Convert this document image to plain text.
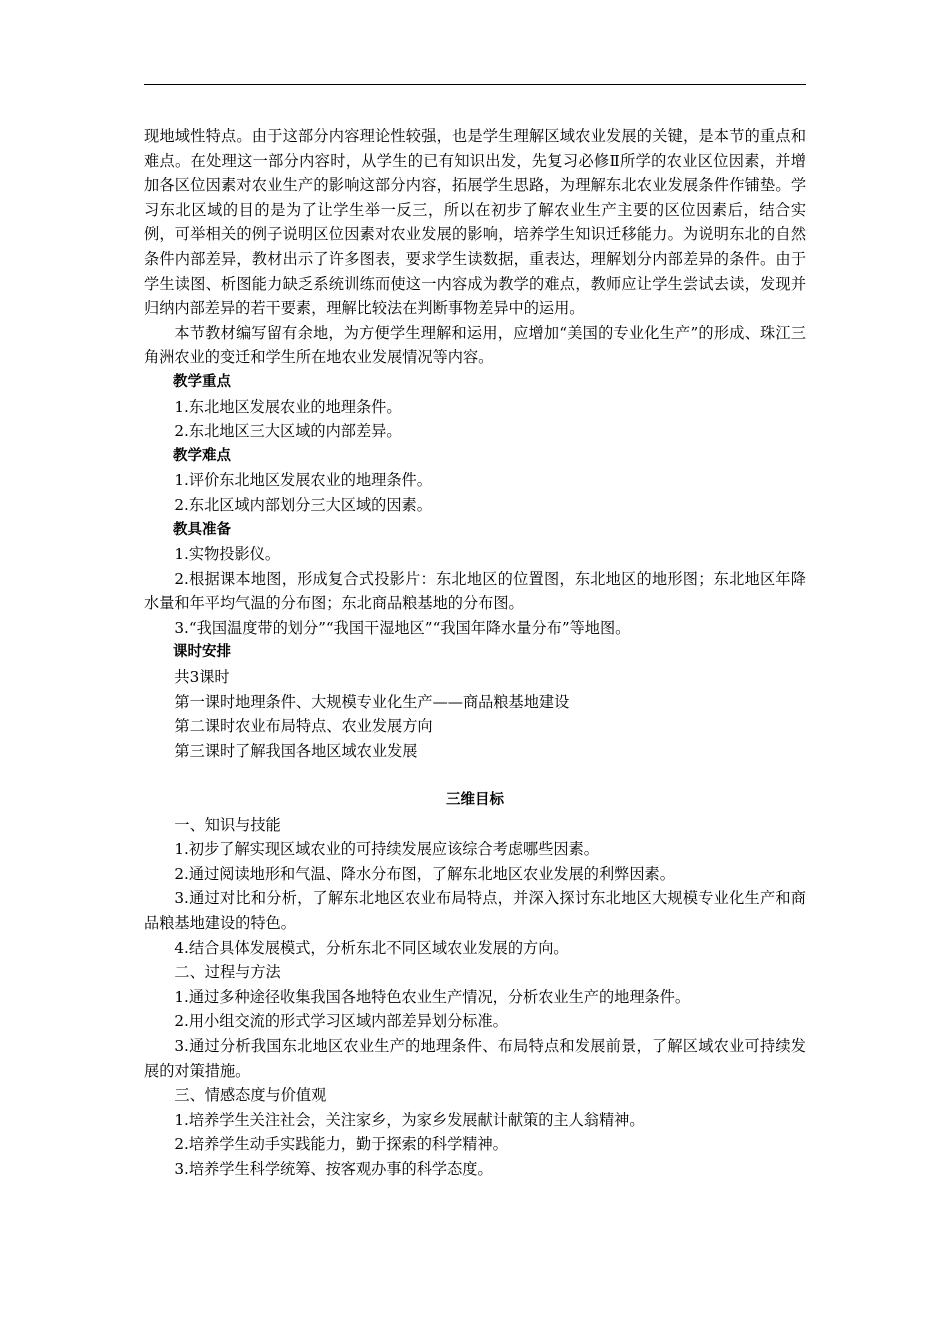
现地域性特点。由于这部分内容理论性较强，也是学生理解区域农业发展的关键，是本节的重点和难点。在处理这一部分内容时，从学生的已有知识出发，先复习必修Ⅱ所学的农业区位因素，并增加各区位因素对农业生产的影响这部分内容，拓展学生思路，为理解东北农业发展条件作铺垫。学习东北区域的目的是为了让学生举一反三，所以在初步了解农业生产主要的区位因素后，结合实例，可举相关的例子说明区位因素对农业发展的影响，培养学生知识迁移能力。为说明东北的自然条件内部差异，教材出示了许多图表，要求学生读数据，重表达，理解划分内部差异的条件。由于学生读图、析图能力缺乏系统训练而使这一内容成为教学的难点，教师应让学生尝试去读，发现并归纳内部差异的若干要素，理解比较法在判断事物差异中的运用。

本节教材编写留有余地，为方便学生理解和运用，应增加“美国的专业化生产”的形成、珠江三角洲农业的变迁和学生所在地农业发展情况等内容。

教学重点

1.东北地区发展农业的地理条件。

2.东北地区三大区域的内部差异。

教学难点

1.评价东北地区发展农业的地理条件。

2.东北区域内部划分三大区域的因素。

教具准备

1.实物投影仪。

2.根据课本地图，形成复合式投影片：东北地区的位置图，东北地区的地形图；东北地区年降水量和年平均气温的分布图；东北商品粮基地的分布图。

3.“我国温度带的划分”“我国干湿地区”“我国年降水量分布”等地图。

课时安排

共3课时

第一课时地理条件、大规模专业化生产——商品粮基地建设

第二课时农业布局特点、农业发展方向

第三课时了解我国各地区域农业发展

三维目标

一、知识与技能

1.初步了解实现区域农业的可持续发展应该综合考虑哪些因素。

2.通过阅读地形和气温、降水分布图，了解东北地区农业发展的利弊因素。

3.通过对比和分析，了解东北地区农业布局特点，并深入探讨东北地区大规模专业化生产和商品粮基地建设的特色。

4.结合具体发展模式，分析东北不同区域农业发展的方向。

二、过程与方法

1.通过多种途径收集我国各地特色农业生产情况，分析农业生产的地理条件。

2.用小组交流的形式学习区域内部差异划分标准。

3.通过分析我国东北地区农业生产的地理条件、布局特点和发展前景，了解区域农业可持续发展的对策措施。

三、情感态度与价值观

1.培养学生关注社会，关注家乡，为家乡发展献计献策的主人翁精神。

2.培养学生动手实践能力，勤于探索的科学精神。

3.培养学生科学统筹、按客观办事的科学态度。
